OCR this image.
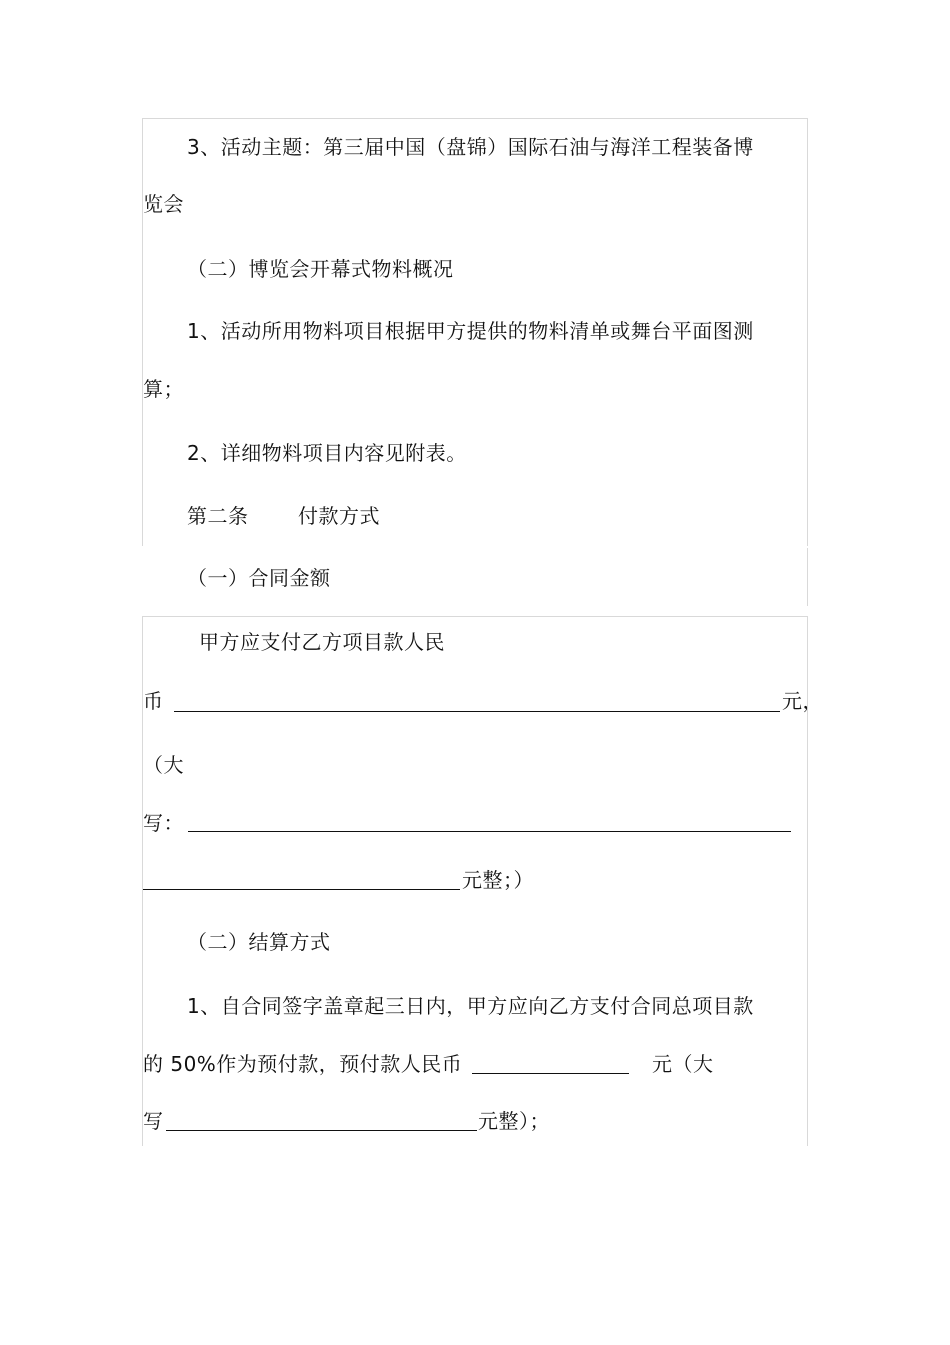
3、活动主题：第三届中国（盘锦）国际石油与海洋工程装备博
览会
（二）博览会开幕式物料概况
1、活动所用物料项目根据甲方提供的物料清单或舞台平面图测
算；
2、详细物料项目内容见附表。
第二条 付款方式
（一）合同金额
甲方应支付乙方项目款人民
币	元，
（大
写：
元整；）
（二）结算方式
1、自合同签字盖章起三日内，甲方应向乙方支付合同总项目款
的 50%作为预付款，预付款人民币	元（大
写	元整）；
